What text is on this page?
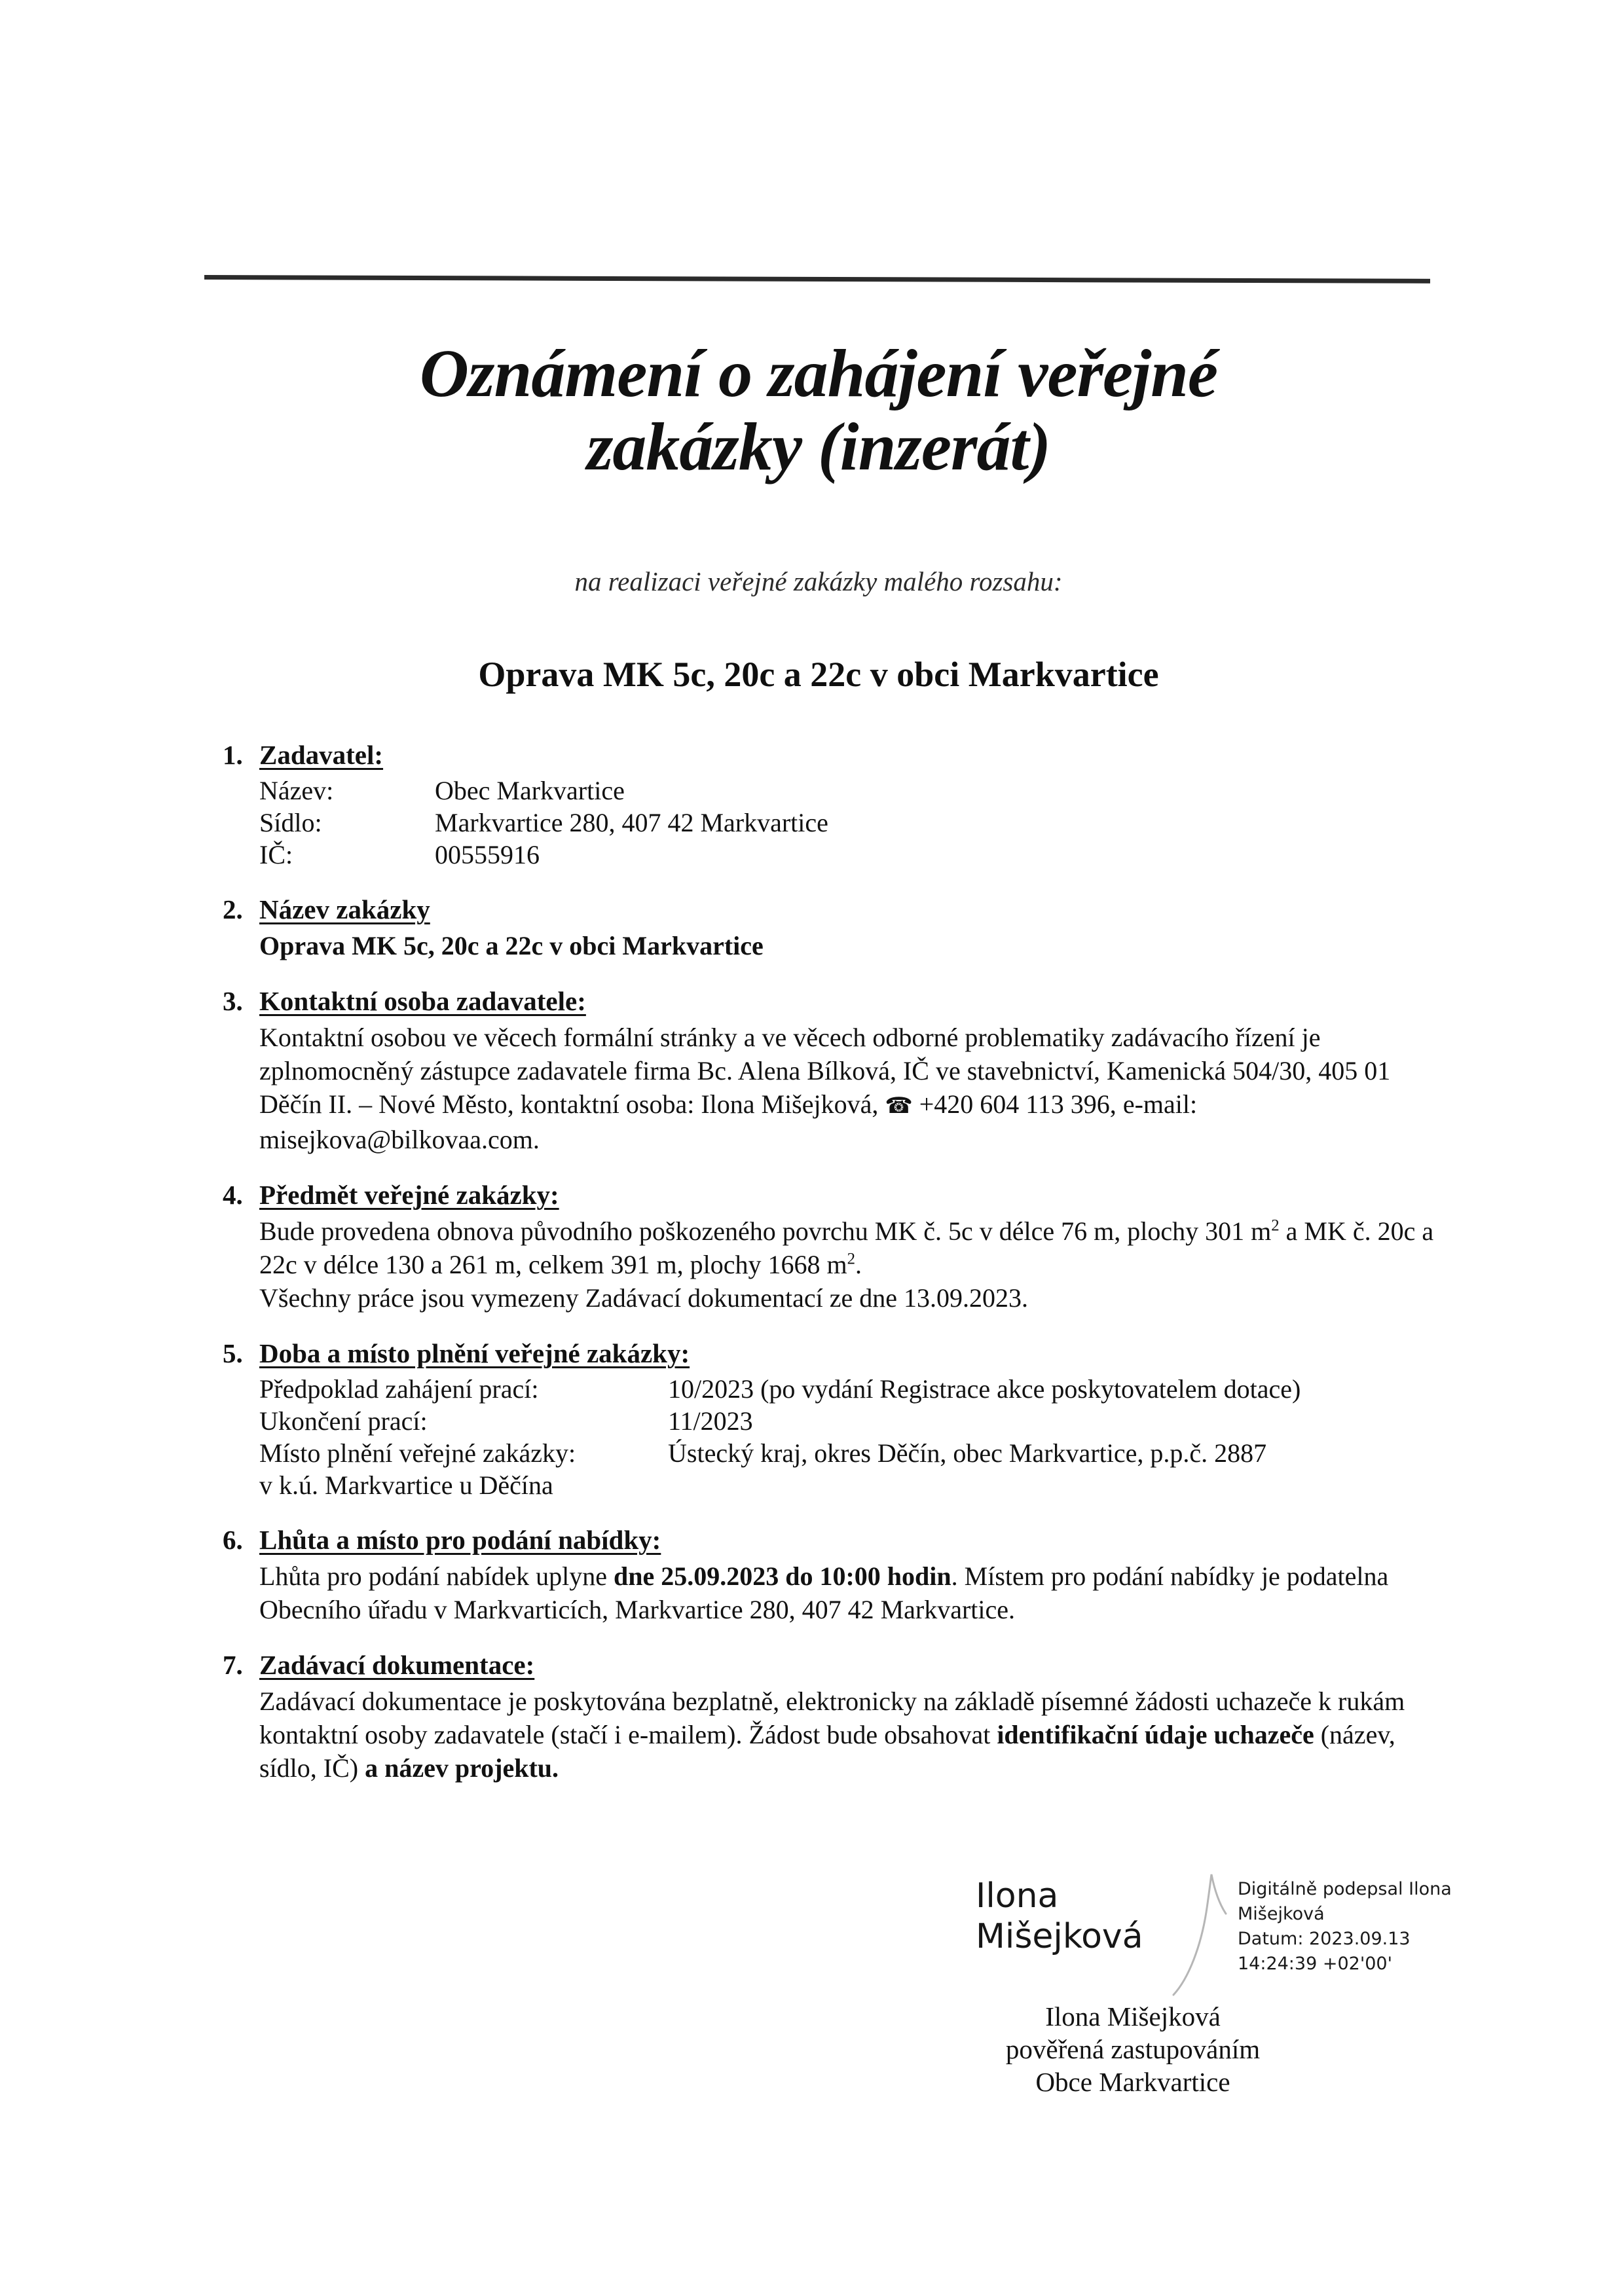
Oznámení o zahájení veřejné
zakázky (inzerát)
na realizaci veřejné zakázky malého rozsahu:
Oprava MK 5c, 20c a 22c v obci Markvartice
1. Zadavatel:
Název:	Obec Markvartice
Sídlo:	Markvartice 280, 407 42 Markvartice
IČ:	00555916
2. Název zakázky

Oprava MK 5c, 20c a 22c v obci Markvartice

3. Kontaktní osoba zadavatele:

Kontaktní osobou ve věcech formální stránky a ve věcech odborné problematiky zadávacího řízení je zplnomocněný zástupce zadavatele firma Bc. Alena Bílková, IČ ve stavebnictví, Kamenická 504/30, 405 01 Děčín II. – Nové Město, kontaktní osoba: Ilona Mišejková, ☎ +420 604 113 396, e-mail: misejkova@bilkovaa.com.

4. Předmět veřejné zakázky:

Bude provedena obnova původního poškozeného povrchu MK č. 5c v délce 76 m, plochy 301 $m^2$ a MK č. 20c a 22c v délce 130 a 261 m, celkem 391 m, plochy 1668 $m^2$.

Všechny práce jsou vymezeny Zadávací dokumentací ze dne 13.09.2023.

5. Doba a místo plnění veřejné zakázky:
Předpoklad zahájení prací:	10/2023 (po vydání Registrace akce poskytovatelem dotace)
Ukončení prací:	11/2023
Místo plnění veřejné zakázky:	Ústecký kraj, okres Děčín, obec Markvartice, p.p.č. 2887
v k.ú. Markvartice u Děčína
6. Lhůta a místo pro podání nabídky:

Lhůta pro podání nabídek uplyne dne 25.09.2023 do 10:00 hodin. Místem pro podání nabídky je podatelna Obecního úřadu v Markvarticích, Markvartice 280, 407 42 Markvartice.

7. Zadávací dokumentace:

Zadávací dokumentace je poskytována bezplatně, elektronicky na základě písemné žádosti uchazeče k rukám kontaktní osoby zadavatele (stačí i e-mailem). Žádost bude obsahovat identifikační údaje uchazeče (název, sídlo, IČ) a název projektu.

Ilona
Mišejková
Digitálně podepsal Ilona
Mišejková
Datum: 2023.09.13
14:24:39 +02'00'
Ilona Mišejková
pověřená zastupováním
Obce Markvartice
